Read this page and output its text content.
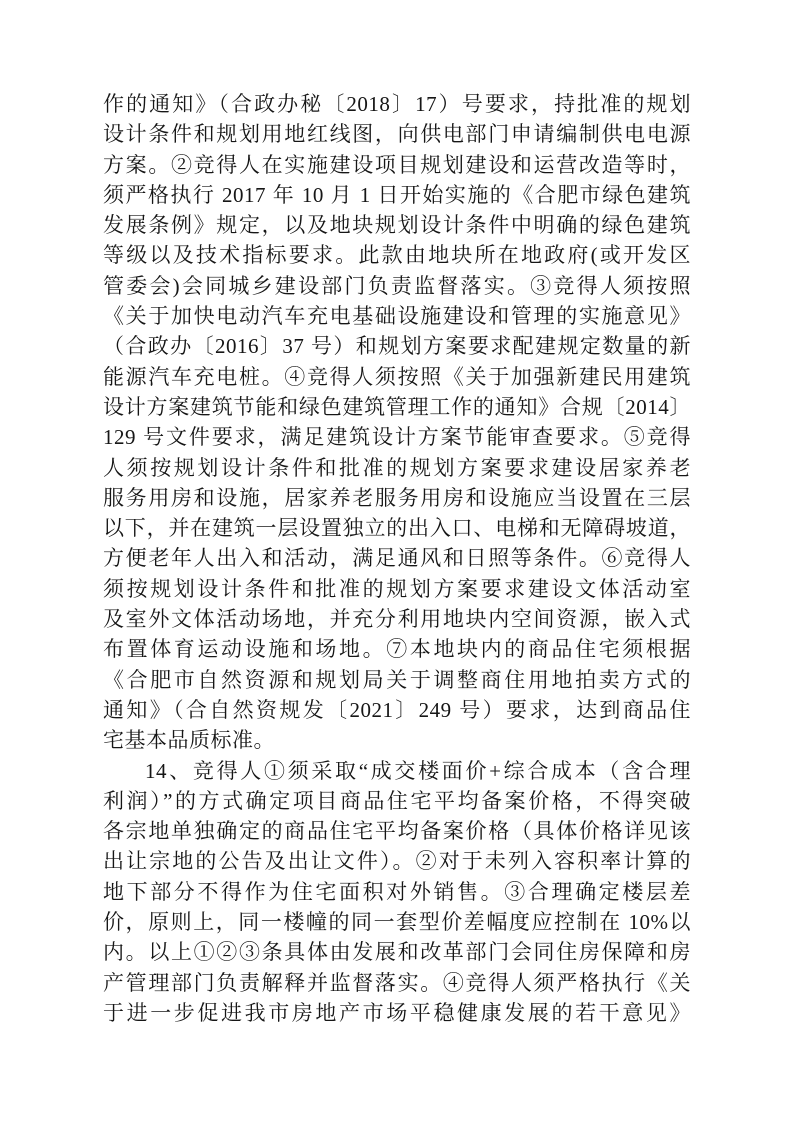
作的通知》（合政办秘〔2018〕17）号要求，持批准的规划
设计条件和规划用地红线图，向供电部门申请编制供电电源
方案。②竞得人在实施建设项目规划建设和运营改造等时，
须严格执行 2017 年 10 月 1 日开始实施的《合肥市绿色建筑
发展条例》规定，以及地块规划设计条件中明确的绿色建筑
等级以及技术指标要求。此款由地块所在地政府(或开发区
管委会)会同城乡建设部门负责监督落实。③竞得人须按照
《关于加快电动汽车充电基础设施建设和管理的实施意见》
（合政办〔2016〕37 号）和规划方案要求配建规定数量的新
能源汽车充电桩。④竞得人须按照《关于加强新建民用建筑
设计方案建筑节能和绿色建筑管理工作的通知》合规〔2014〕
129 号文件要求，满足建筑设计方案节能审查要求。⑤竞得
人须按规划设计条件和批准的规划方案要求建设居家养老
服务用房和设施，居家养老服务用房和设施应当设置在三层
以下，并在建筑一层设置独立的出入口、电梯和无障碍坡道，
方便老年人出入和活动，满足通风和日照等条件。⑥竞得人
须按规划设计条件和批准的规划方案要求建设文体活动室
及室外文体活动场地，并充分利用地块内空间资源，嵌入式
布置体育运动设施和场地。⑦本地块内的商品住宅须根据
《合肥市自然资源和规划局关于调整商住用地拍卖方式的
通知》（合自然资规发〔2021〕249 号）要求，达到商品住
宅基本品质标准。
14、竞得人①须采取“成交楼面价+综合成本（含合理
利润）”的方式确定项目商品住宅平均备案价格，不得突破
各宗地单独确定的商品住宅平均备案价格（具体价格详见该
出让宗地的公告及出让文件）。②对于未列入容积率计算的
地下部分不得作为住宅面积对外销售。③合理确定楼层差
价，原则上，同一楼幢的同一套型价差幅度应控制在 10%以
内。以上①②③条具体由发展和改革部门会同住房保障和房
产管理部门负责解释并监督落实。④竞得人须严格执行《关
于进一步促进我市房地产市场平稳健康发展的若干意见》
